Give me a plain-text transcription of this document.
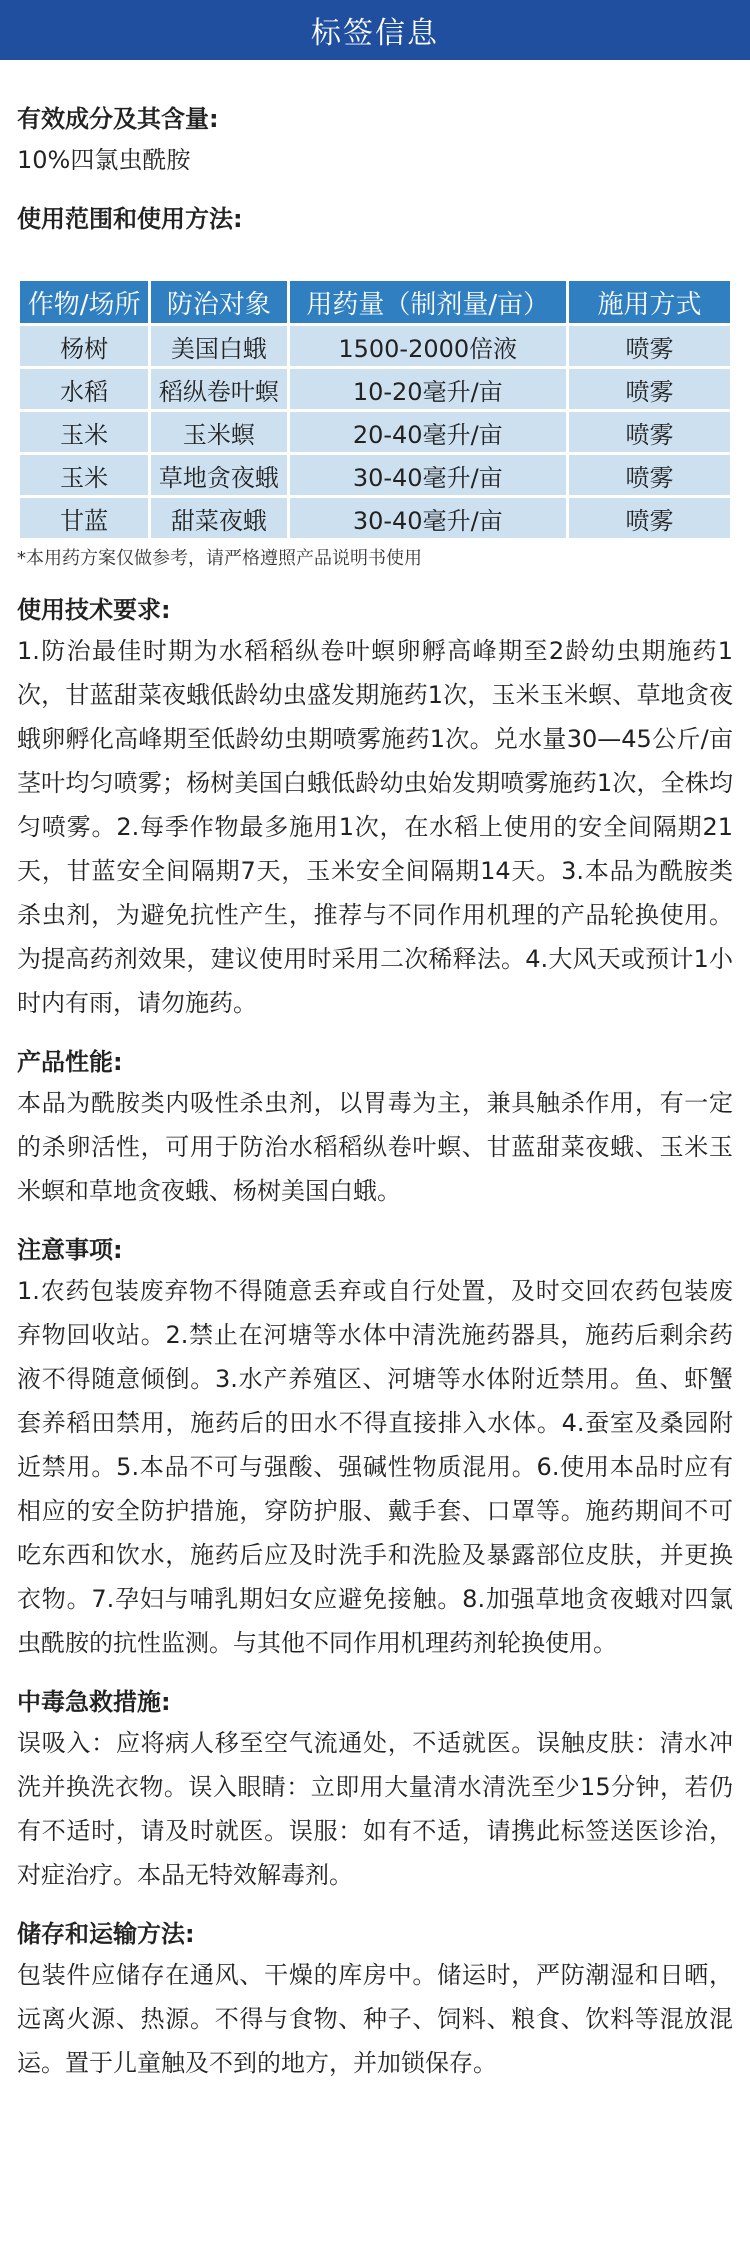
标签信息

有效成分及其含量:

10%四氯虫酰胺

使用范围和使用方法:

作物/场所	防治对象	用药量（制剂量/亩）	施用方式
杨树	美国白蛾	1500-2000倍液	喷雾
水稻	稻纵卷叶螟	10-20毫升/亩	喷雾
玉米	玉米螟	20-40毫升/亩	喷雾
玉米	草地贪夜蛾	30-40毫升/亩	喷雾
甘蓝	甜菜夜蛾	30-40毫升/亩	喷雾

*本用药方案仅做参考，请严格遵照产品说明书使用

使用技术要求:

1.防治最佳时期为水稻稻纵卷叶螟卵孵高峰期至2龄幼虫期施药1次，甘蓝甜菜夜蛾低龄幼虫盛发期施药1次，玉米玉米螟、草地贪夜蛾卵孵化高峰期至低龄幼虫期喷雾施药1次。兑水量30—45公斤/亩茎叶均匀喷雾；杨树美国白蛾低龄幼虫始发期喷雾施药1次，全株均匀喷雾。2.每季作物最多施用1次，在水稻上使用的安全间隔期21天，甘蓝安全间隔期7天，玉米安全间隔期14天。3.本品为酰胺类杀虫剂，为避免抗性产生，推荐与不同作用机理的产品轮换使用。为提高药剂效果，建议使用时采用二次稀释法。4.大风天或预计1小时内有雨，请勿施药。

产品性能:

本品为酰胺类内吸性杀虫剂，以胃毒为主，兼具触杀作用，有一定的杀卵活性，可用于防治水稻稻纵卷叶螟、甘蓝甜菜夜蛾、玉米玉米螟和草地贪夜蛾、杨树美国白蛾。

注意事项:

1.农药包装废弃物不得随意丢弃或自行处置，及时交回农药包装废弃物回收站。2.禁止在河塘等水体中清洗施药器具，施药后剩余药液不得随意倾倒。3.水产养殖区、河塘等水体附近禁用。鱼、虾蟹套养稻田禁用，施药后的田水不得直接排入水体。4.蚕室及桑园附近禁用。5.本品不可与强酸、强碱性物质混用。6.使用本品时应有相应的安全防护措施，穿防护服、戴手套、口罩等。施药期间不可吃东西和饮水，施药后应及时洗手和洗脸及暴露部位皮肤，并更换衣物。7.孕妇与哺乳期妇女应避免接触。8.加强草地贪夜蛾对四氯虫酰胺的抗性监测。与其他不同作用机理药剂轮换使用。

中毒急救措施:

误吸入：应将病人移至空气流通处，不适就医。误触皮肤：清水冲洗并换洗衣物。误入眼睛：立即用大量清水清洗至少15分钟，若仍有不适时，请及时就医。误服：如有不适，请携此标签送医诊治，对症治疗。本品无特效解毒剂。

储存和运输方法:

包装件应储存在通风、干燥的库房中。储运时，严防潮湿和日晒，远离火源、热源。不得与食物、种子、饲料、粮食、饮料等混放混运。置于儿童触及不到的地方，并加锁保存。
